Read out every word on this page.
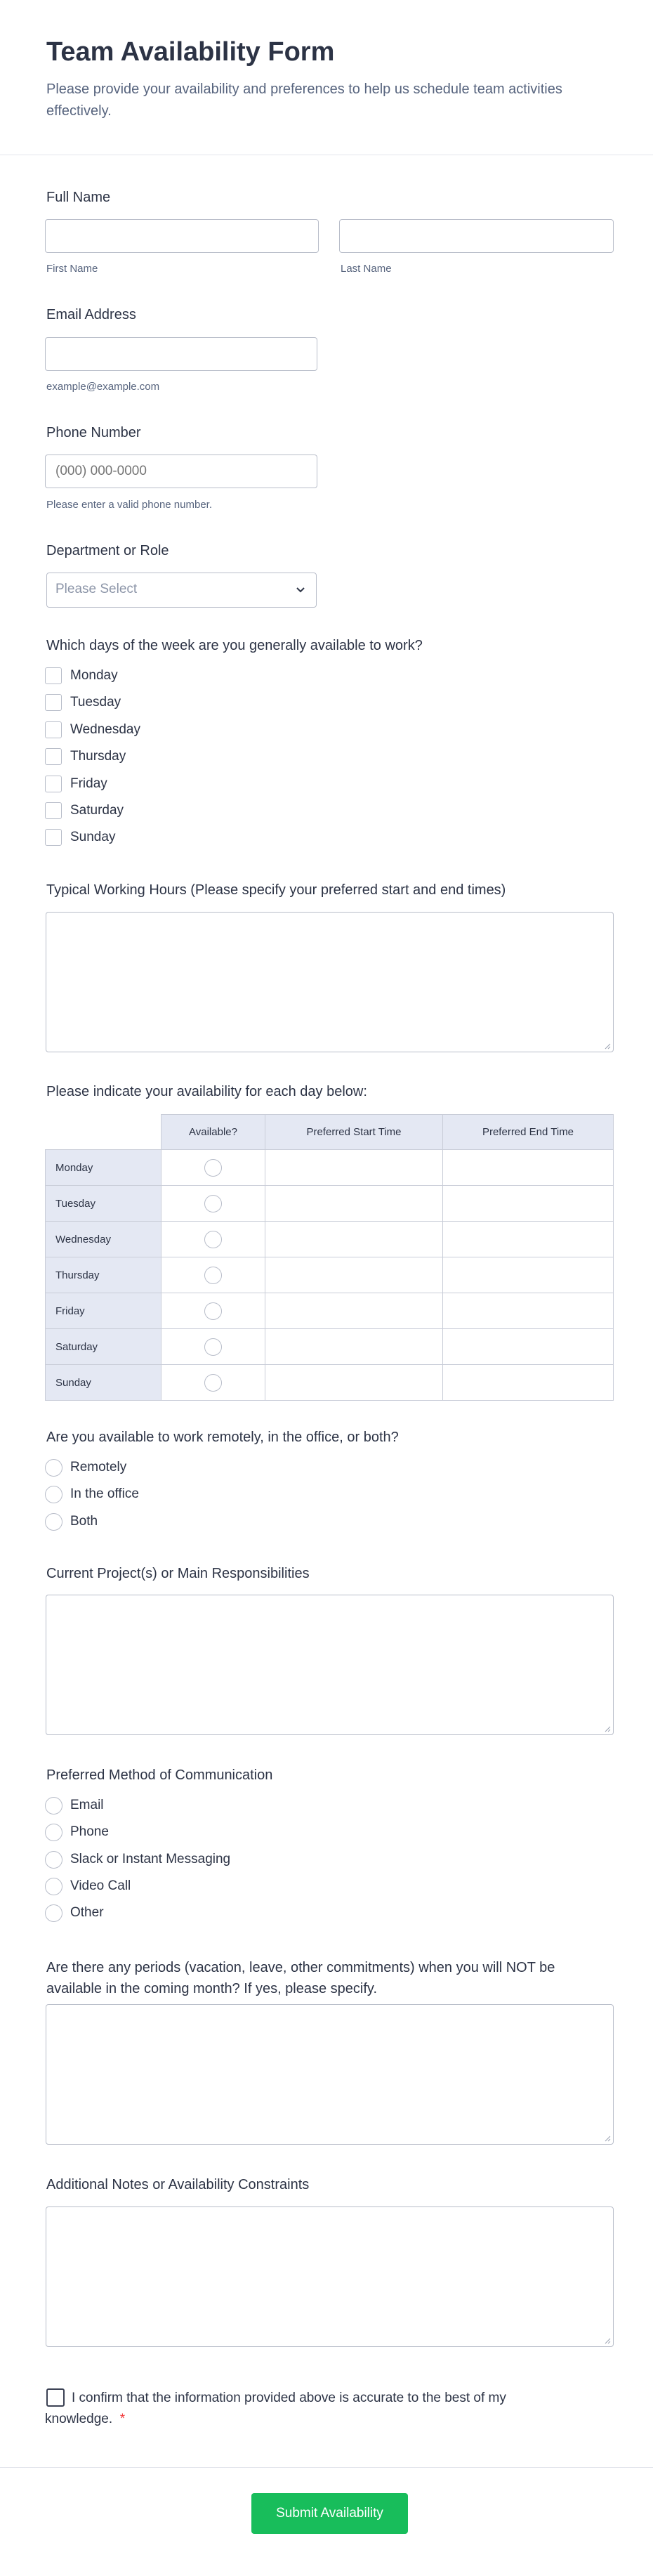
Team Availability Form

Please provide your availability and preferences to help us schedule team activities effectively.

Full Name
First Name	Last Name
Email Address
example@example.com
Phone Number
(000) 000-0000
Please enter a valid phone number.
Department or Role
Please Select
Which days of the week are you generally available to work?
Monday
Tuesday
Wednesday
Thursday
Friday
Saturday
Sunday
Typical Working Hours (Please specify your preferred start and end times)
Please indicate your availability for each day below:
	Available?	Preferred Start Time	Preferred End Time
Monday			
Tuesday			
Wednesday			
Thursday			
Friday			
Saturday			
Sunday			
Are you available to work remotely, in the office, or both?
Remotely
In the office
Both
Current Project(s) or Main Responsibilities
Preferred Method of Communication
Email
Phone
Slack or Instant Messaging
Video Call
Other
Are there any periods (vacation, leave, other commitments) when you will NOT be available in the coming month? If yes, please specify.
Additional Notes or Availability Constraints
I confirm that the information provided above is accurate to the best of my knowledge. *
Submit Availability
